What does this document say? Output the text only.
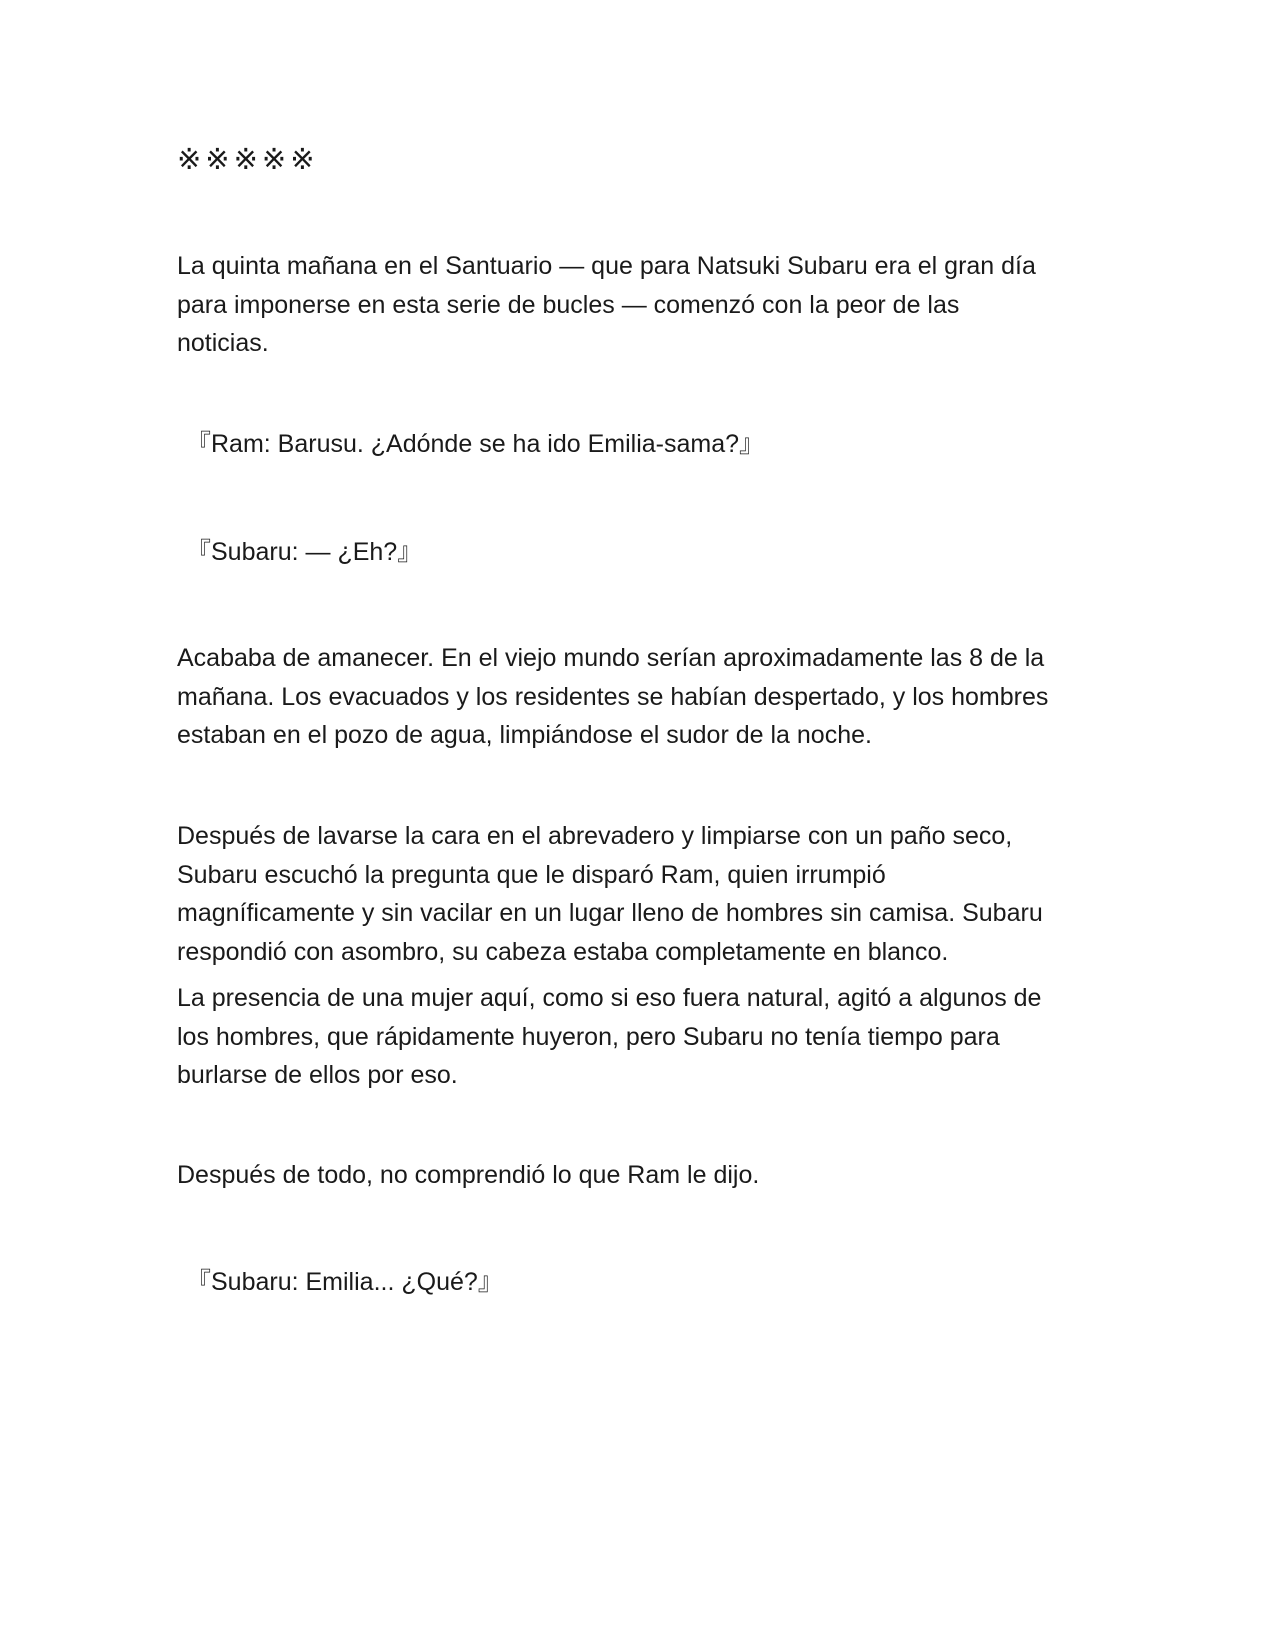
※※※※※
La quinta mañana en el Santuario — que para Natsuki Subaru era el gran día
para imponerse en esta serie de bucles — comenzó con la peor de las
noticias.
『Ram: Barusu. ¿Adónde se ha ido Emilia-sama?』
『Subaru: — ¿Eh?』
Acababa de amanecer. En el viejo mundo serían aproximadamente las 8 de la
mañana. Los evacuados y los residentes se habían despertado, y los hombres
estaban en el pozo de agua, limpiándose el sudor de la noche.
Después de lavarse la cara en el abrevadero y limpiarse con un paño seco,
Subaru escuchó la pregunta que le disparó Ram, quien irrumpió
magníficamente y sin vacilar en un lugar lleno de hombres sin camisa. Subaru
respondió con asombro, su cabeza estaba completamente en blanco.
La presencia de una mujer aquí, como si eso fuera natural, agitó a algunos de
los hombres, que rápidamente huyeron, pero Subaru no tenía tiempo para
burlarse de ellos por eso.
Después de todo, no comprendió lo que Ram le dijo.
『Subaru: Emilia... ¿Qué?』
